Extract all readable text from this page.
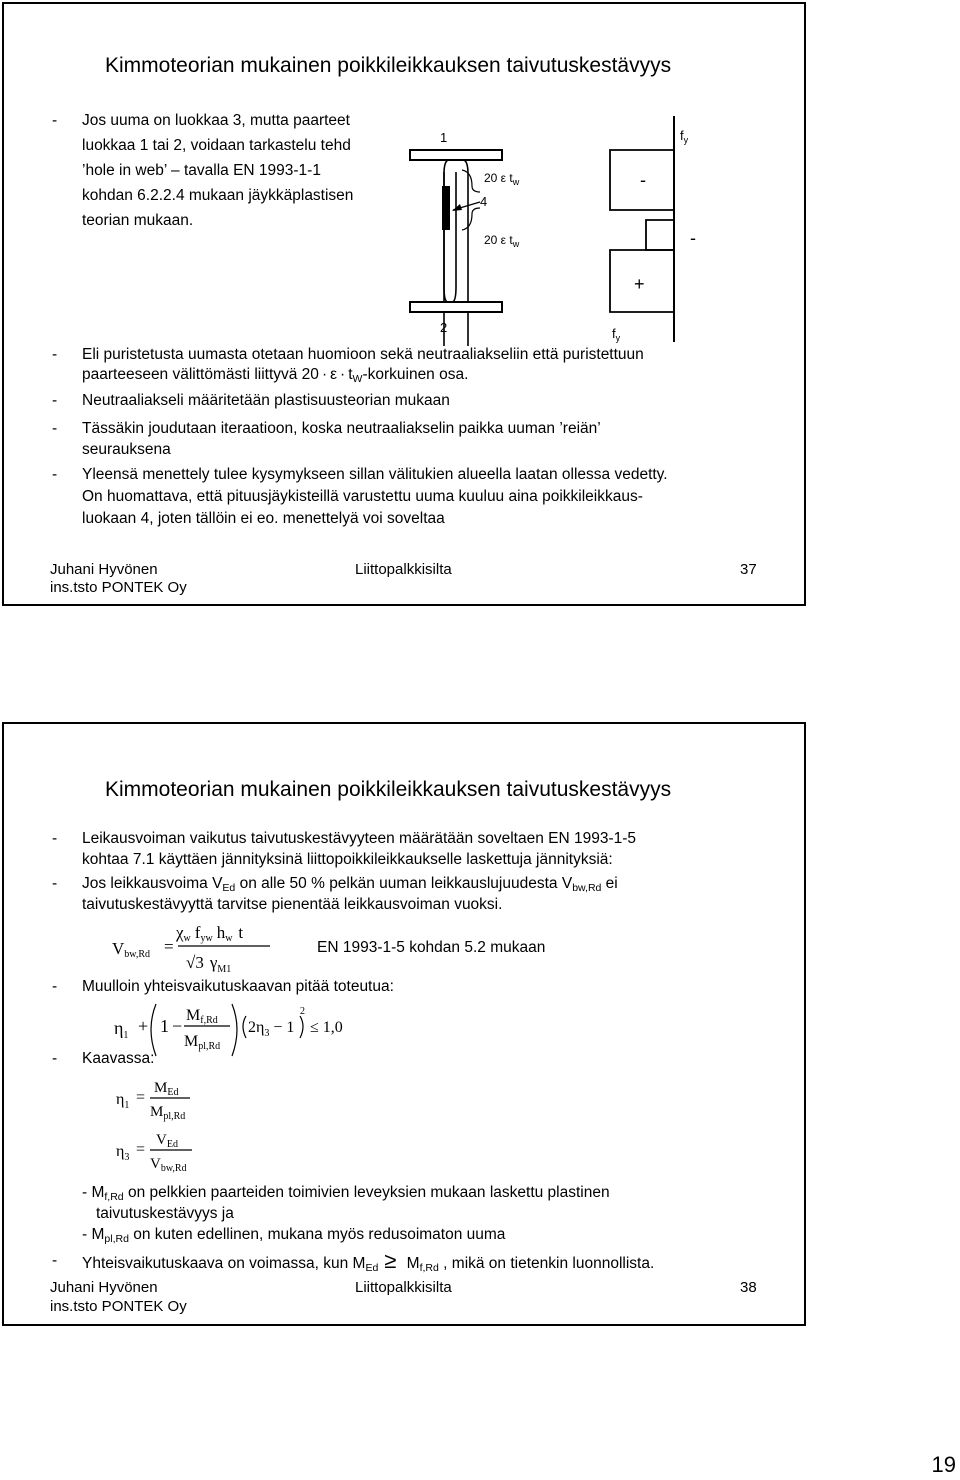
Kimmoteorian mukainen poikkileikkauksen taivutuskestävyys
- Jos uuma on luokkaa 3, mutta paarteet
luokkaa 1 tai 2, voidaan tarkastelu tehd
’hole in web’ – tavalla EN 1993-1-1
kohdan 6.2.2.4 mukaan jäykkäplastisen
teorian mukaan.
1
2
4
20 ε $t_w$
20 ε $t_w$
-
$f_y$
-
+
$f_y$
- Eli puristetusta uumasta otetaan huomioon sekä neutraaliakseliin että puristettuun
paarteeseen välittömästi liittyvä $20 \cdot \varepsilon \cdot t_W$-korkuinen osa.
- Neutraaliakseli määritetään plastisuusteorian mukaan
- Tässäkin joudutaan iteraatioon, koska neutraaliakselin paikka uuman ’reiän’
seurauksena
- Yleensä menettely tulee kysymykseen sillan välitukien alueella laatan ollessa vedetty.
On huomattava, että pituusjäykisteillä varustettu uuma kuuluu aina poikkileikkaus-
luokaan 4, joten tällöin ei eo. menettelyä voi soveltaa
Juhani Hyvönen
ins.tsto PONTEK Oy
Liittopalkkisilta	37
Kimmoteorian mukainen poikkileikkauksen taivutuskestävyys
- Leikausvoiman vaikutus taivutuskestävyyteen määrätään soveltaen EN 1993-1-5
kohtaa 7.1 käyttäen jännityksinä liittopoikkileikkaukselle laskettuja jännityksiä:
- Jos leikkausvoima $V_{Ed}$ on alle 50 % pelkän uuman leikkauslujuudesta $V_{bw,Rd}$ ei
taivutuskestävyyttä tarvitse pienentää leikkausvoiman vuoksi.
Vbw,Rd =
χw fyw hw t
√3 $\gamma_{M1}$
EN 1993-1-5 kohdan 5.2 mukaan
- Muulloin yhteisvaikutuskaavan pitää toteutua:
$\eta_1 + 1$ −
Mf,Rd
Mpl,Rd
$2\eta_3 - 1$
2
≤ 1,0
- Kaavassa:
$\eta_1$ =
$M_{Ed}$
$M_{pl,Rd}$
$\eta_3$ =
$V_{Ed}$
$V_{bw,Rd}$
- $M_{f,Rd}$ on pelkkien paarteiden toimivien leveyksien mukaan laskettu plastinen
taivutuskestävyys ja
- $M_{pl,Rd}$ on kuten edellinen, mukana myös redusoimaton uuma
- Yhteisvaikutuskaava on voimassa, kun $M_{Ed} \ge M_{f,Rd}$ , mikä on tietenkin luonnollista.
Juhani Hyvönen
ins.tsto PONTEK Oy
Liittopalkkisilta	38
19
